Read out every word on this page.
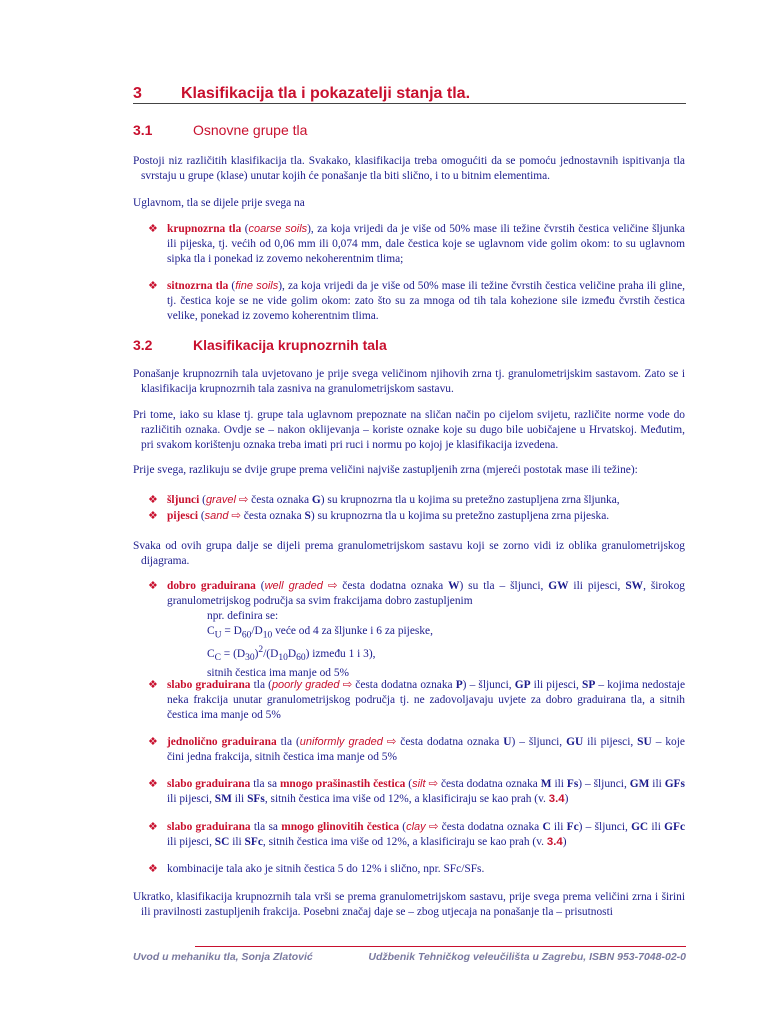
3 Klasifikacija tla i pokazatelji stanja tla.
3.1	Osnovne grupe tla

Postoji niz različitih klasifikacija tla. Svakako, klasifikacija treba omogućiti da se pomoću jednostavnih ispitivanja tla svrstaju u grupe (klase) unutar kojih će ponašanje tla biti slično, i to u bitnim elementima.

Uglavnom, tla se dijele prije svega na

❖ krupnozrna tla (coarse soils), za koja vrijedi da je više od 50% mase ili težine čvrstih čestica veličine šljunka ili pijeska, tj. većih od 0,06 mm ili 0,074 mm, dale čestica koje se uglavnom vide golim okom: to su uglavnom sipka tla i ponekad iz zovemo nekoherentnim tlima;
❖ sitnozrna tla (fine soils), za koja vrijedi da je više od 50% mase ili težine čvrstih čestica veličine praha ili gline, tj. čestica koje se ne vide golim okom: zato što su za mnoga od tih tala kohezione sile između čvrstih čestica velike, ponekad iz zovemo koherentnim tlima.
3.2	Klasifikacija krupnozrnih tala

Ponašanje krupnozrnih tala uvjetovano je prije svega veličinom njihovih zrna tj. granulometrijskim sastavom. Zato se i klasifikacija krupnozrnih tala zasniva na granulometrijskom sastavu.

Pri tome, iako su klase tj. grupe tala uglavnom prepoznate na sličan način po cijelom svijetu, različite norme vode do različitih oznaka. Ovdje se – nakon oklijevanja – koriste oznake koje su dugo bile uobičajene u Hrvatskoj. Međutim, pri svakom korištenju oznaka treba imati pri ruci i normu po kojoj je klasifikacija izvedena.

Prije svega, razlikuju se dvije grupe prema veličini najviše zastupljenih zrna (mjereći postotak mase ili težine):

❖ šljunci (gravel ⇨ česta oznaka G) su krupnozrna tla u kojima su pretežno zastupljena zrna šljunka,
❖ pijesci (sand ⇨ česta oznaka S) su krupnozrna tla u kojima su pretežno zastupljena zrna pijeska.

Svaka od ovih grupa dalje se dijeli prema granulometrijskom sastavu koji se zorno vidi iz oblika granulometrijskog dijagrama.

❖ dobro graduirana (well graded ⇨ česta dodatna oznaka W) su tla – šljunci, GW ili pijesci, SW, širokog granulometrijskog područja sa svim frakcijama dobro zastupljenim
npr. definira se:
$C_U = D_{60}/D_{10}$ veće od 4 za šljunke i 6 za pijeske,
$C_C = (D_{30})^2/(D_{10}D_{60})$ između 1 i 3),
sitnih čestica ima manje od 5%
❖ slabo graduirana tla (poorly graded ⇨ česta dodatna oznaka P) – šljunci, GP ili pijesci, SP – kojima nedostaje neka frakcija unutar granulometrijskog područja tj. ne zadovoljavaju uvjete za dobro graduirana tla, a sitnih čestica ima manje od 5%
❖ jednolično graduirana tla (uniformly graded ⇨ česta dodatna oznaka U) – šljunci, GU ili pijesci, SU – koje čini jedna frakcija, sitnih čestica ima manje od 5%
❖ slabo graduirana tla sa mnogo prašinastih čestica (silt ⇨ česta dodatna oznaka M ili Fs) – šljunci, GM ili GFs ili pijesci, SM ili SFs, sitnih čestica ima više od 12%, a klasificiraju se kao prah (v. 3.4)
❖ slabo graduirana tla sa mnogo glinovitih čestica (clay ⇨ česta dodatna oznaka C ili Fc) – šljunci, GC ili GFc ili pijesci, SC ili SFc, sitnih čestica ima više od 12%, a klasificiraju se kao prah (v. 3.4)
❖ kombinacije tala ako je sitnih čestica 5 do 12% i slično, npr. SFc/SFs.

Ukratko, klasifikacija krupnozrnih tala vrši se prema granulometrijskom sastavu, prije svega prema veličini zrna i širini ili pravilnosti zastupljenih frakcija. Posebni značaj daje se – zbog utjecaja na ponašanje tla – prisutnosti

Uvod u mehaniku tla, Sonja Zlatović	Udžbenik Tehničkog veleučilišta u Zagrebu, ISBN 953-7048-02-0
